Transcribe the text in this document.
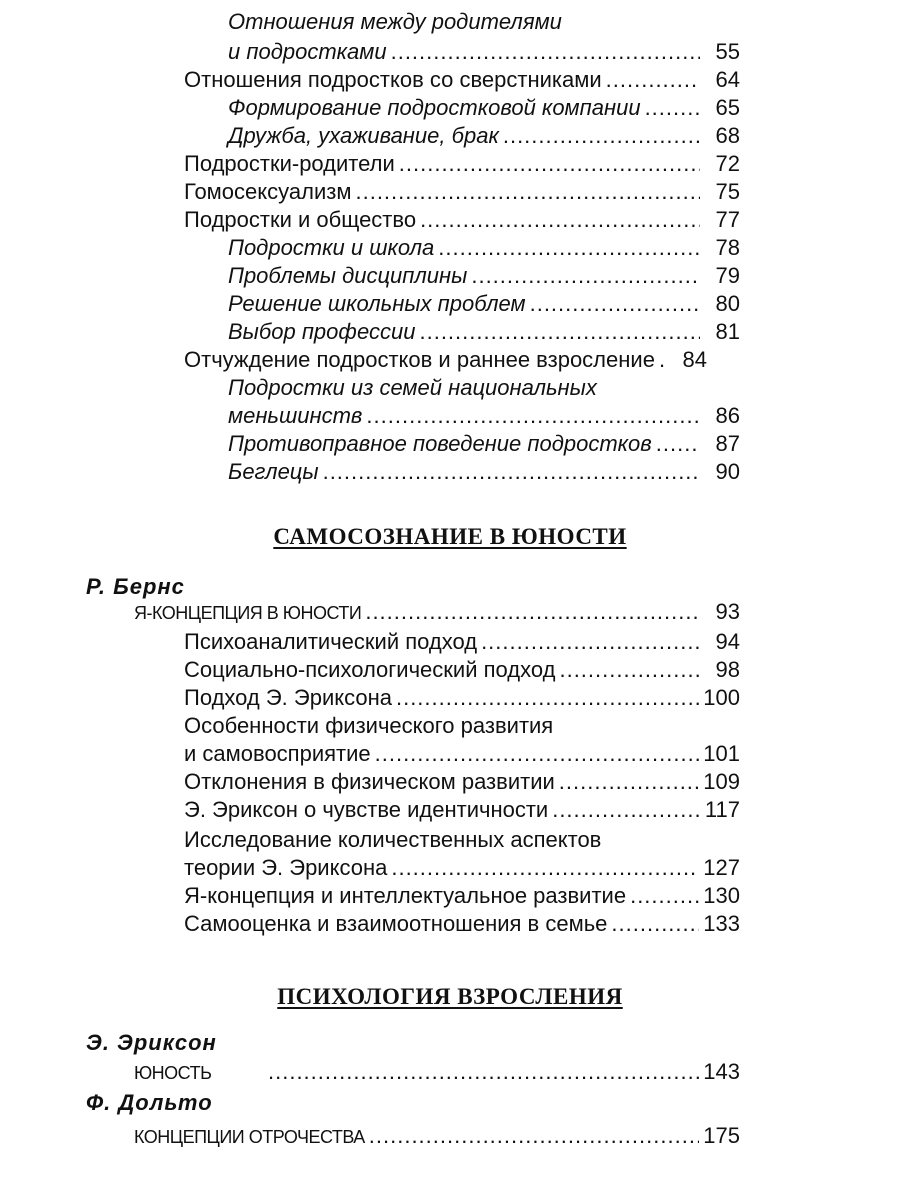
Отношения между родителями
и подростками .....	55
Отношения подростков со сверстниками .....	64
Формирование подростковой компании .....	65
Дружба, ухаживание, брак .....	68
Подростки-родители .....	72
Гомосексуализм .....	75
Подростки и общество .....	77
Подростки и школа .....	78
Проблемы дисциплины .....	79
Решение школьных проблем .....	80
Выбор профессии .....	81
Отчуждение подростков и раннее взросление .....	84
Подростки из семей национальных
меньшинств .....	86
Противоправное поведение подростков .....	87
Беглецы .....	90
САМОСОЗНАНИЕ В ЮНОСТИ
Р. Бернс
Я-КОНЦЕПЦИЯ В ЮНОСТИ .....	93
Психоаналитический подход .....	94
Социально-психологический подход .....	98
Подход Э. Эриксона .....	100
Особенности физического развития
и самовосприятие .....	101
Отклонения в физическом развитии .....	109
Э. Эриксон о чувстве идентичности .....	117
Исследование количественных аспектов
теории Э. Эриксона .....	127
Я-концепция и интеллектуальное развитие .....	130
Самооценка и взаимоотношения в семье .....	133
ПСИХОЛОГИЯ ВЗРОСЛЕНИЯ
Э. Эриксон
ЮНОСТЬ .....	143
Ф. Дольто
КОНЦЕПЦИИ ОТРОЧЕСТВА .....	175
